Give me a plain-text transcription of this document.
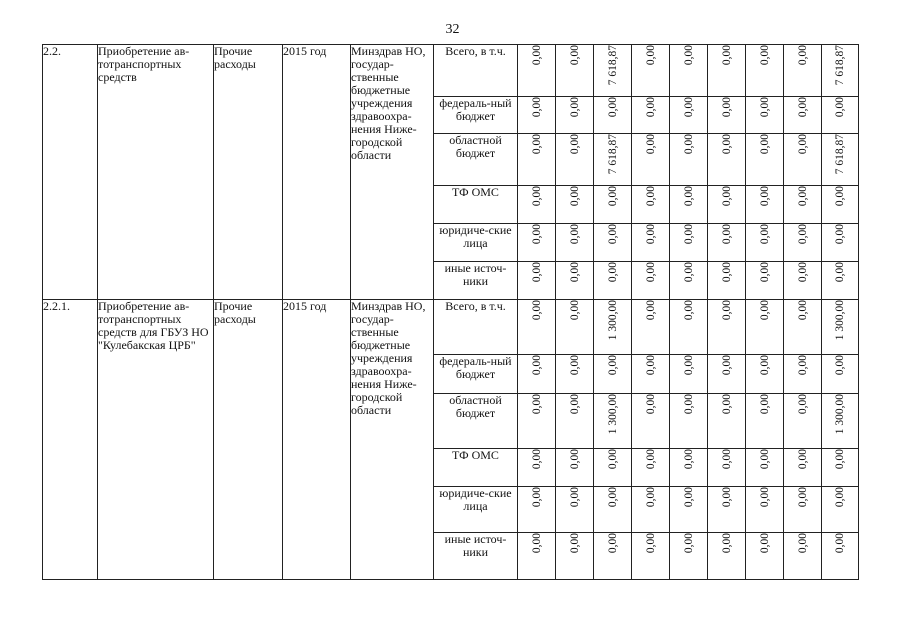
32
2.2.	Приобретение ав-тотранспортных средств	Прочие расходы	2015 год	Минздрав НО, государ-ственные бюджетные учреждения здравоохра-нения Ниже-городской области	Всего, в т.ч.	0,00	0,00	7 618,87	0,00	0,00	0,00	0,00	0,00	7 618,87
					федераль-ный бюджет	0,00	0,00	0,00	0,00	0,00	0,00	0,00	0,00	0,00
					областной бюджет	0,00	0,00	7 618,87	0,00	0,00	0,00	0,00	0,00	7 618,87
					ТФ ОМС	0,00	0,00	0,00	0,00	0,00	0,00	0,00	0,00	0,00
					юридиче-ские лица	0,00	0,00	0,00	0,00	0,00	0,00	0,00	0,00	0,00
					иные источ-ники	0,00	0,00	0,00	0,00	0,00	0,00	0,00	0,00	0,00
2.2.1.	Приобретение ав-тотранспортных средств для ГБУЗ НО "Кулебакская ЦРБ"	Прочие расходы	2015 год	Минздрав НО, государ-ственные бюджетные учреждения здравоохра-нения Ниже-городской области	Всего, в т.ч.	0,00	0,00	1 300,00	0,00	0,00	0,00	0,00	0,00	1 300,00
					федераль-ный бюджет	0,00	0,00	0,00	0,00	0,00	0,00	0,00	0,00	0,00
					областной бюджет	0,00	0,00	1 300,00	0,00	0,00	0,00	0,00	0,00	1 300,00
					ТФ ОМС	0,00	0,00	0,00	0,00	0,00	0,00	0,00	0,00	0,00
					юридиче-ские лица	0,00	0,00	0,00	0,00	0,00	0,00	0,00	0,00	0,00
					иные источ-ники	0,00	0,00	0,00	0,00	0,00	0,00	0,00	0,00	0,00
